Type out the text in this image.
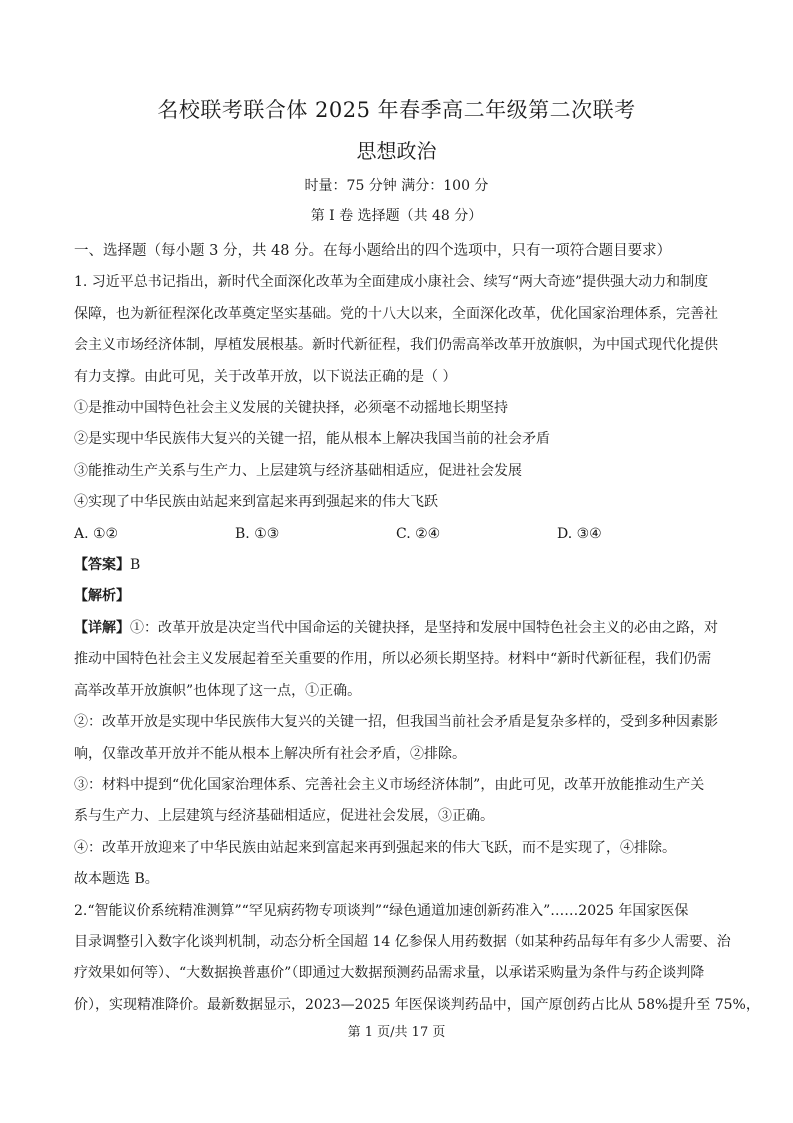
名校联考联合体 2025 年春季高二年级第二次联考
思想政治
时量：75 分钟 满分：100 分
第 I 卷 选择题（共 48 分）

一、选择题（每小题 3 分，共 48 分。在每小题给出的四个选项中，只有一项符合题目要求）

1. 习近平总书记指出，新时代全面深化改革为全面建成小康社会、续写“两大奇迹”提供强大动力和制度

保障，也为新征程深化改革奠定坚实基础。党的十八大以来，全面深化改革，优化国家治理体系，完善社

会主义市场经济体制，厚植发展根基。新时代新征程，我们仍需高举改革开放旗帜，为中国式现代化提供

有力支撑。由此可见，关于改革开放，以下说法正确的是（ ）

①是推动中国特色社会主义发展的关键抉择，必须毫不动摇地长期坚持

②是实现中华民族伟大复兴的关键一招，能从根本上解决我国当前的社会矛盾

③能推动生产关系与生产力、上层建筑与经济基础相适应，促进社会发展

④实现了中华民族由站起来到富起来再到强起来的伟大飞跃

A. ①②	B. ①③	C. ②④	D. ③④

【答案】B

【解析】

【详解】①：改革开放是决定当代中国命运的关键抉择，是坚持和发展中国特色社会主义的必由之路，对

推动中国特色社会主义发展起着至关重要的作用，所以必须长期坚持。材料中“新时代新征程，我们仍需

高举改革开放旗帜”也体现了这一点，①正确。

②：改革开放是实现中华民族伟大复兴的关键一招，但我国当前社会矛盾是复杂多样的，受到多种因素影

响，仅靠改革开放并不能从根本上解决所有社会矛盾，②排除。

③：材料中提到“优化国家治理体系、完善社会主义市场经济体制”，由此可见，改革开放能推动生产关

系与生产力、上层建筑与经济基础相适应，促进社会发展，③正确。

④：改革开放迎来了中华民族由站起来到富起来再到强起来的伟大飞跃，而不是实现了，④排除。

故本题选 B。

2.“智能议价系统精准测算”“罕见病药物专项谈判”“绿色通道加速创新药准入”……2025 年国家医保

目录调整引入数字化谈判机制，动态分析全国超 14 亿参保人用药数据（如某种药品每年有多少人需要、治

疗效果如何等）、“大数据换普惠价”（即通过大数据预测药品需求量，以承诺采购量为条件与药企谈判降

价），实现精准降价。最新数据显示，2023—2025 年医保谈判药品中，国产原创药占比从 58%提升至 75%，

第 1 页/共 17 页
